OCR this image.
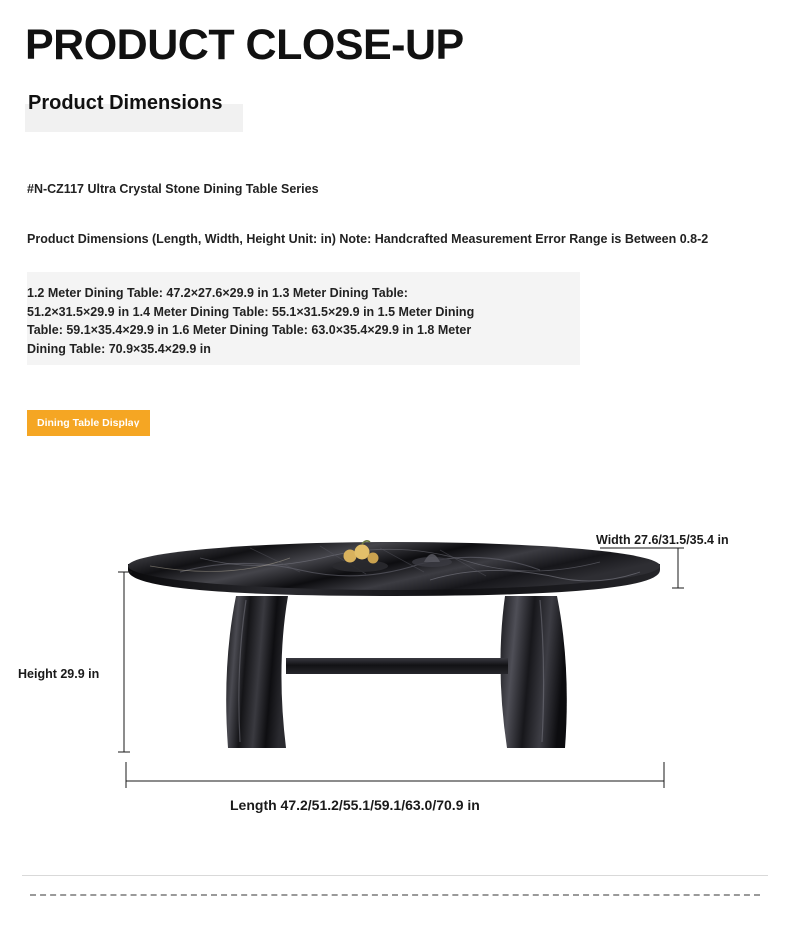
PRODUCT CLOSE-UP
Product Dimensions
#N-CZ117 Ultra Crystal Stone Dining Table Series
Product Dimensions (Length, Width, Height Unit: in) Note: Handcrafted Measurement Error Range is Between 0.8-2
1.2 Meter Dining Table: 47.2×27.6×29.9 in 1.3 Meter Dining Table: 51.2×31.5×29.9 in 1.4 Meter Dining Table: 55.1×31.5×29.9 in 1.5 Meter Dining Table: 59.1×35.4×29.9 in 1.6 Meter Dining Table: 63.0×35.4×29.9 in 1.8 Meter Dining Table: 70.9×35.4×29.9 in
Dining Table Display
Width 27.6/31.5/35.4 in
Height 29.9 in
Length 47.2/51.2/55.1/59.1/63.0/70.9 in
